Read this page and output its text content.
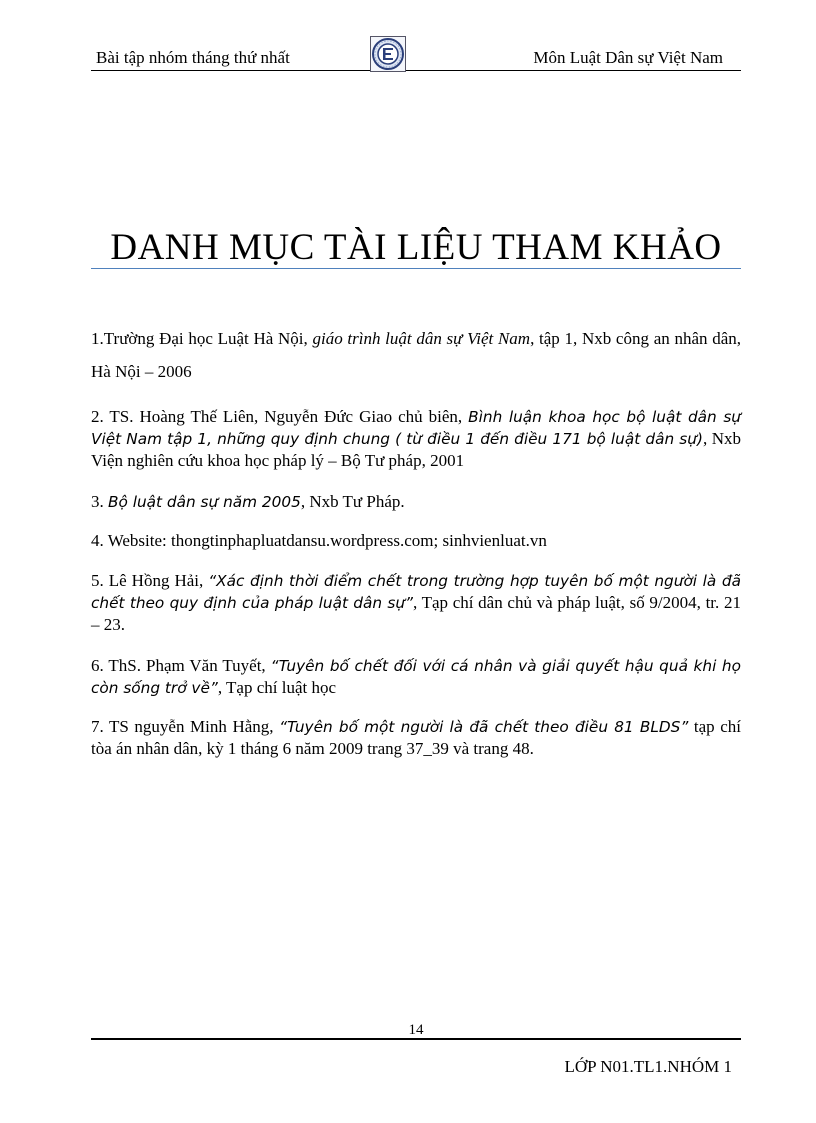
Bài tập nhóm tháng thứ nhất	Môn Luật Dân sự Việt Nam
DANH MỤC TÀI LIỆU THAM KHẢO
1.Trường Đại học Luật Hà Nội, giáo trình luật dân sự Việt Nam, tập 1, Nxb công an nhân dân, Hà Nội – 2006
2. TS. Hoàng Thế Liên, Nguyễn Đức Giao chủ biên, Bình luận khoa học bộ luật dân sự Việt Nam tập 1, những quy định chung ( từ điều 1 đến điều 171 bộ luật dân sự), Nxb Viện nghiên cứu khoa học pháp lý – Bộ Tư pháp, 2001
3. Bộ luật dân sự năm 2005, Nxb Tư Pháp.
4. Website: thongtinphapluatdansu.wordpress.com; sinhvienluat.vn
5. Lê Hồng Hải, “Xác định thời điểm chết trong trường hợp tuyên bố một người là đã chết theo quy định của pháp luật dân sự”, Tạp chí dân chủ và pháp luật, số 9/2004, tr. 21 – 23.
6. ThS. Phạm Văn Tuyết, “Tuyên bố chết đối với cá nhân và giải quyết hậu quả khi họ còn sống trở về”, Tạp chí luật học
7. TS nguyễn Minh Hằng, “Tuyên bố một người là đã chết theo điều 81 BLDS” tạp chí tòa án nhân dân, kỳ 1 tháng 6 năm 2009 trang 37_39 và trang 48.
14
LỚP N01.TL1.NHÓM 1
